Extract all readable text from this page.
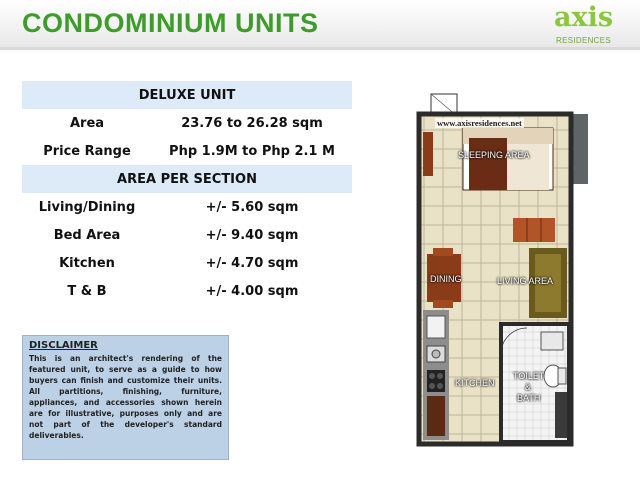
CONDOMINIUM UNITS	axis
RESIDENCES
DELUXE UNIT	
Area	23.76 to 26.28 sqm
Price Range	Php 1.9M to Php 2.1 M
AREA PER SECTION	
Living/Dining	+/- 5.60 sqm
Bed Area	+/- 9.40 sqm
Kitchen	+/- 4.70 sqm
T & B	+/- 4.00 sqm
DISCLAIMER
This is an architect's rendering of the featured unit, to serve as a guide to how buyers can finish and customize their units. All partitions, finishing, furniture, appliances, and accessories shown herein are for illustrative, purposes only and are not part of the developer's standard deliverables.
www.axisresidences.net
SLEEPING AREA
DINING	LIVING AREA
KITCHEN
TOILET
&
BATH
